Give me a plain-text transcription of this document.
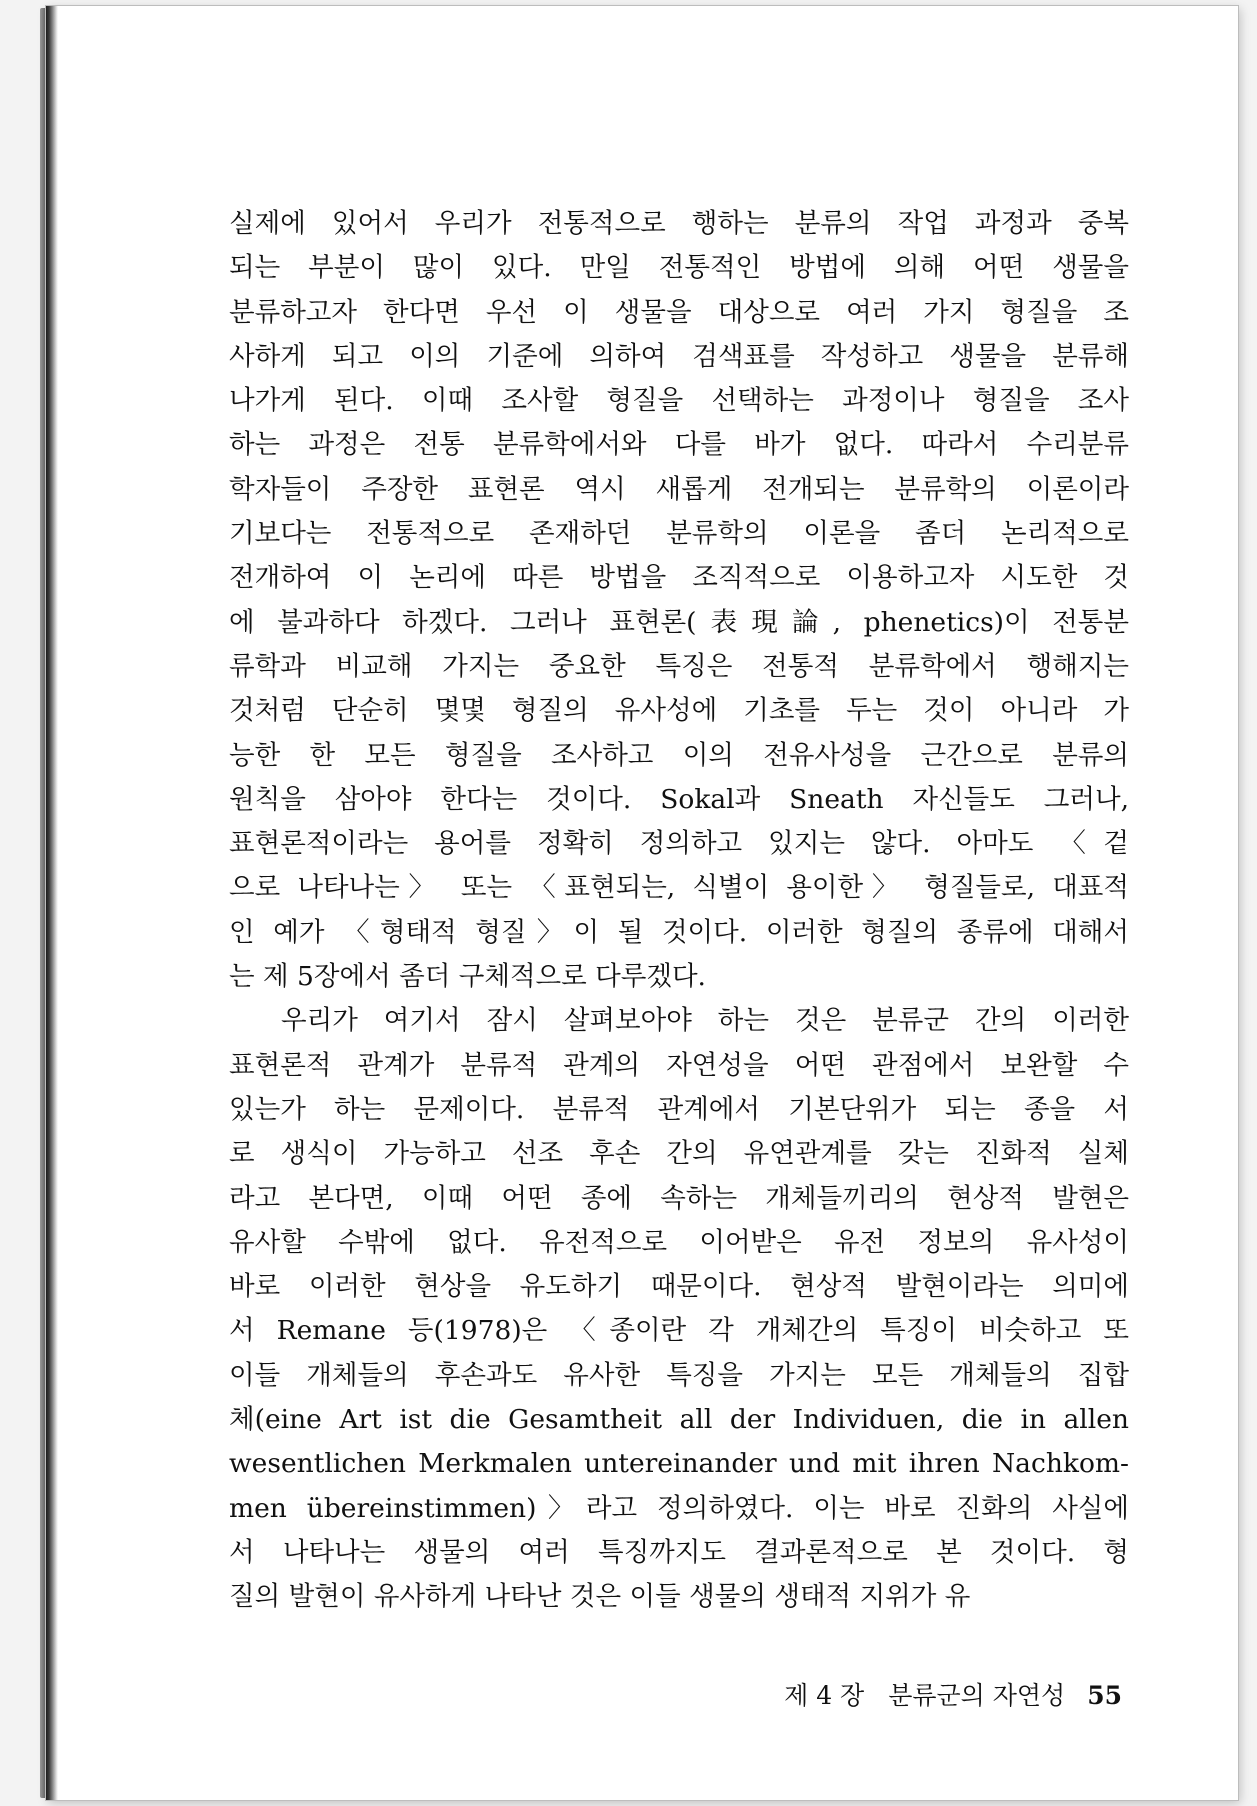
실제에 있어서 우리가 전통적으로 행하는 분류의 작업 과정과 중복
되는 부분이 많이 있다. 만일 전통적인 방법에 의해 어떤 생물을
분류하고자 한다면 우선 이 생물을 대상으로 여러 가지 형질을 조
사하게 되고 이의 기준에 의하여 검색표를 작성하고 생물을 분류해
나가게 된다. 이때 조사할 형질을 선택하는 과정이나 형질을 조사
하는 과정은 전통 분류학에서와 다를 바가 없다. 따라서 수리분류
학자들이 주장한 표현론 역시 새롭게 전개되는 분류학의 이론이라
기보다는 전통적으로 존재하던 분류학의 이론을 좀더 논리적으로
전개하여 이 논리에 따른 방법을 조직적으로 이용하고자 시도한 것
에 불과하다 하겠다. 그러나 표현론(表現論, phenetics)이 전통분
류학과 비교해 가지는 중요한 특징은 전통적 분류학에서 행해지는
것처럼 단순히 몇몇 형질의 유사성에 기초를 두는 것이 아니라 가
능한 한 모든 형질을 조사하고 이의 전유사성을 근간으로 분류의
원칙을 삼아야 한다는 것이다. Sokal과 Sneath 자신들도 그러나,
표현론적이라는 용어를 정확히 정의하고 있지는 않다. 아마도 〈겉
으로 나타나는〉 또는 〈표현되는, 식별이 용이한〉 형질들로, 대표적
인 예가 〈형태적 형질〉이 될 것이다. 이러한 형질의 종류에 대해서
는 제 5장에서 좀더 구체적으로 다루겠다.
우리가 여기서 잠시 살펴보아야 하는 것은 분류군 간의 이러한
표현론적 관계가 분류적 관계의 자연성을 어떤 관점에서 보완할 수
있는가 하는 문제이다. 분류적 관계에서 기본단위가 되는 종을 서
로 생식이 가능하고 선조 후손 간의 유연관계를 갖는 진화적 실체
라고 본다면, 이때 어떤 종에 속하는 개체들끼리의 현상적 발현은
유사할 수밖에 없다. 유전적으로 이어받은 유전 정보의 유사성이
바로 이러한 현상을 유도하기 때문이다. 현상적 발현이라는 의미에
서 Remane 등(1978)은 〈종이란 각 개체간의 특징이 비슷하고 또
이들 개체들의 후손과도 유사한 특징을 가지는 모든 개체들의 집합
체(eine Art ist die Gesamtheit all der Individuen, die in allen
wesentlichen Merkmalen untereinander und mit ihren Nachkom-
men übereinstimmen)〉라고 정의하였다. 이는 바로 진화의 사실에
서 나타나는 생물의 여러 특징까지도 결과론적으로 본 것이다. 형
질의 발현이 유사하게 나타난 것은 이들 생물의 생태적 지위가 유
제 4 장 분류군의 자연성 55
